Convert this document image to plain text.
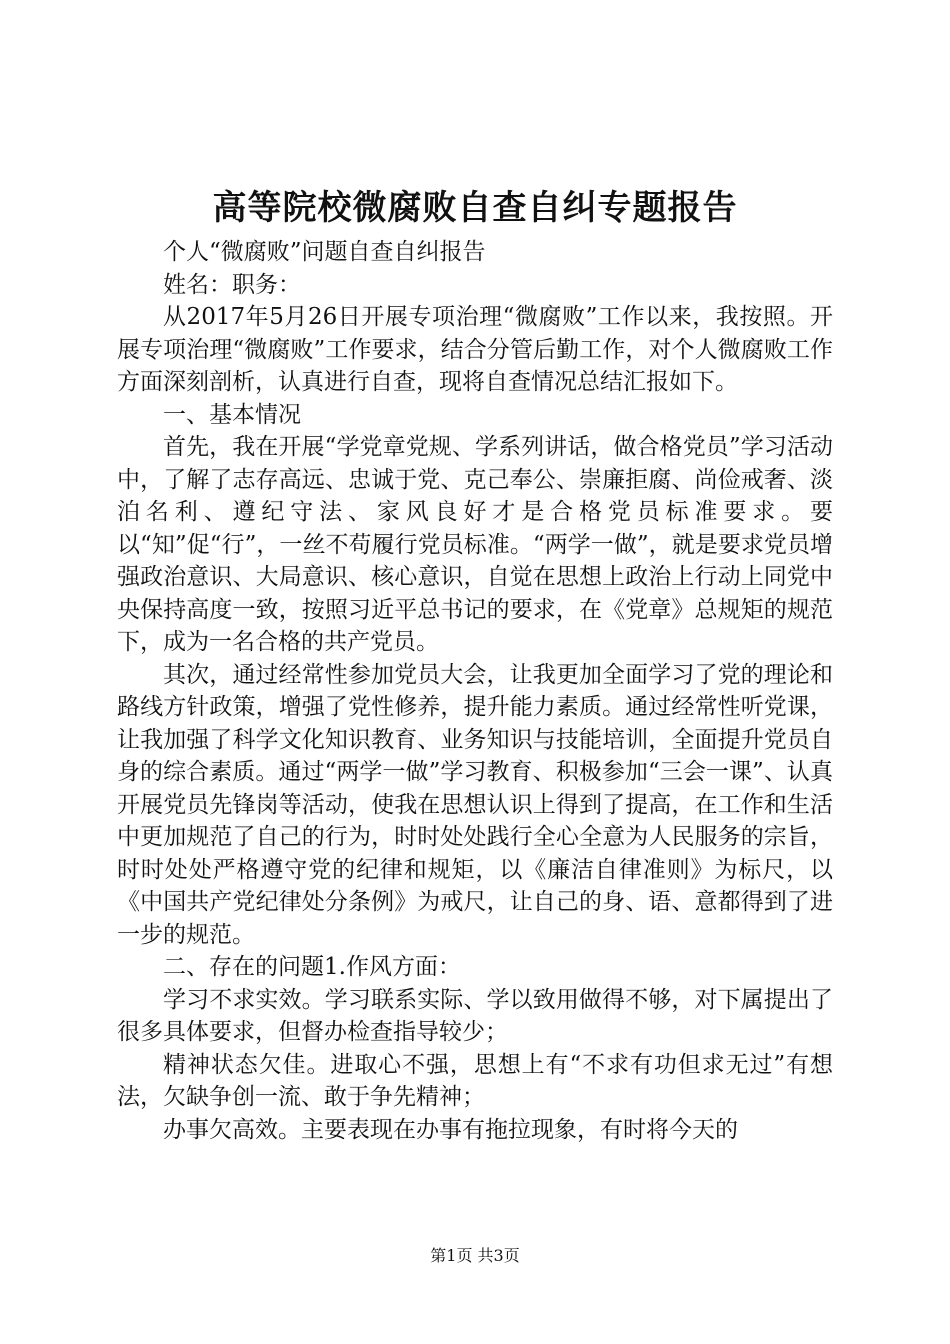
高等院校微腐败自查自纠专题报告

个人“微腐败”问题自查自纠报告

姓名：职务：

从2017年5月26日开展专项治理“微腐败”工作以来，我按照。开展专项治理“微腐败”工作要求，结合分管后勤工作，对个人微腐败工作方面深刻剖析，认真进行自查，现将自查情况总结汇报如下。

一、基本情况

首先，我在开展“学党章党规、学系列讲话，做合格党员”学习活动中，了解了志存高远、忠诚于党、克己奉公、崇廉拒腐、尚俭戒奢、淡泊名利、遵纪守法、家风良好才是合格党员标准要求。要以“知”促“行”，一丝不苟履行党员标准。“两学一做”，就是要求党员增强政治意识、大局意识、核心意识，自觉在思想上政治上行动上同党中央保持高度一致，按照习近平总书记的要求，在《党章》总规矩的规范下，成为一名合格的共产党员。

其次，通过经常性参加党员大会，让我更加全面学习了党的理论和路线方针政策，增强了党性修养，提升能力素质。通过经常性听党课，让我加强了科学文化知识教育、业务知识与技能培训，全面提升党员自身的综合素质。通过“两学一做”学习教育、积极参加“三会一课”、认真开展党员先锋岗等活动，使我在思想认识上得到了提高，在工作和生活中更加规范了自己的行为，时时处处践行全心全意为人民服务的宗旨，时时处处严格遵守党的纪律和规矩，以《廉洁自律准则》为标尺，以《中国共产党纪律处分条例》为戒尺，让自己的身、语、意都得到了进一步的规范。

二、存在的问题1.作风方面：

学习不求实效。学习联系实际、学以致用做得不够，对下属提出了很多具体要求，但督办检查指导较少；

精神状态欠佳。进取心不强，思想上有“不求有功但求无过”有想法，欠缺争创一流、敢于争先精神；

办事欠高效。主要表现在办事有拖拉现象，有时将今天的

第1页 共3页
